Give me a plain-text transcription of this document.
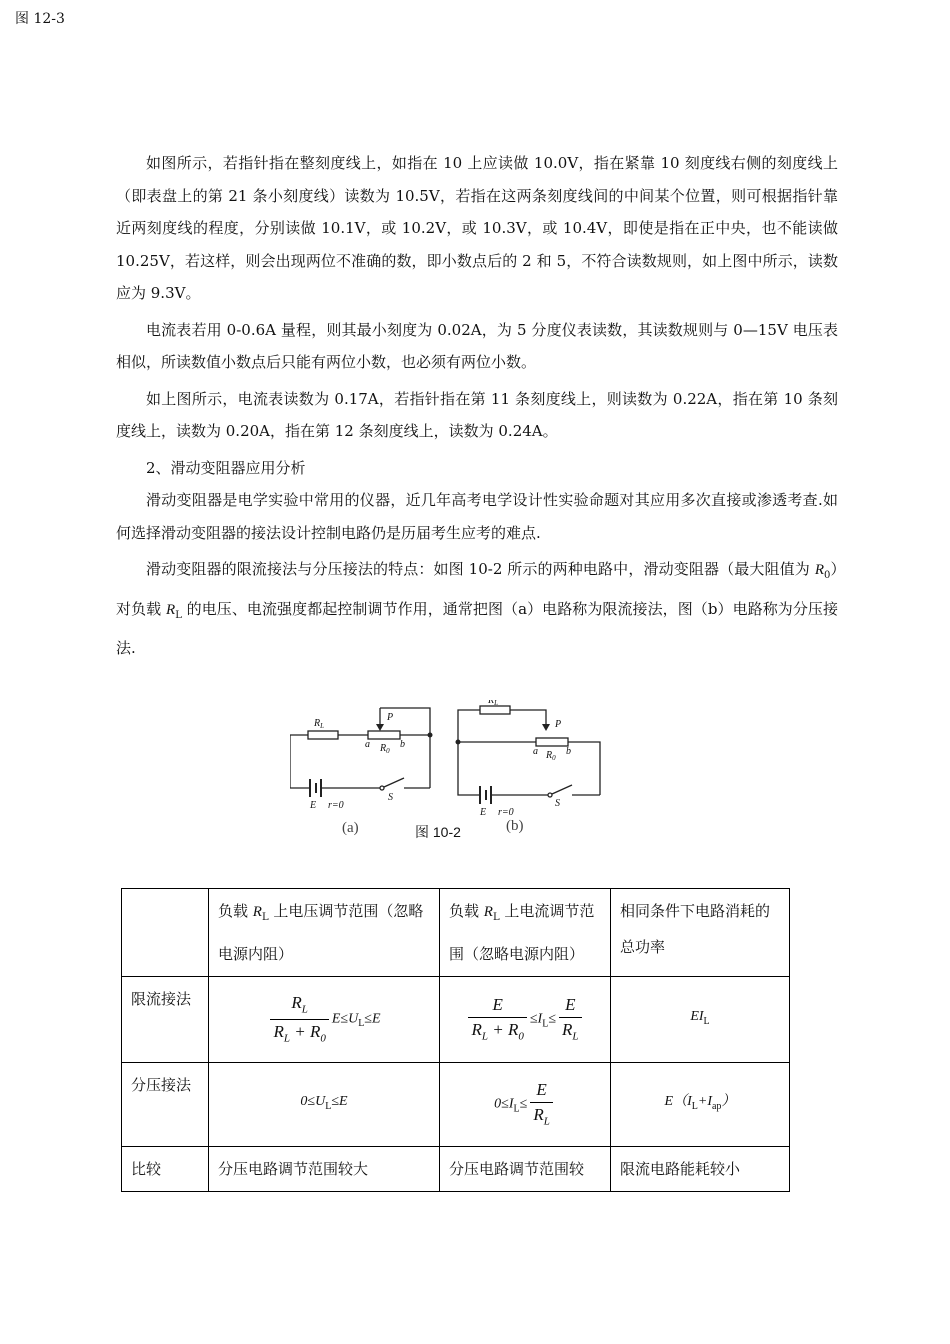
图 12-3

如图所示，若指针指在整刻度线上，如指在 10 上应读做 10.0V，指在紧靠 10 刻度线右侧的刻度线上（即表盘上的第 21 条小刻度线）读数为 10.5V，若指在这两条刻度线间的中间某个位置，则可根据指针靠近两刻度线的程度，分别读做 10.1V，或 10.2V，或 10.3V，或 10.4V，即使是指在正中央，也不能读做 10.25V，若这样，则会出现两位不准确的数，即小数点后的 2 和 5，不符合读数规则，如上图中所示，读数应为 9.3V。

电流表若用 0-0.6A 量程，则其最小刻度为 0.02A，为 5 分度仪表读数，其读数规则与 0—15V 电压表相似，所读数值小数点后只能有两位小数，也必须有两位小数。

如上图所示，电流表读数为 0.17A，若指针指在第 11 条刻度线上，则读数为 0.22A，指在第 10 条刻度线上，读数为 0.20A，指在第 12 条刻度线上，读数为 0.24A。

2、滑动变阻器应用分析

滑动变阻器是电学实验中常用的仪器，近几年高考电学设计性实验命题对其应用多次直接或渗透考查.如何选择滑动变阻器的接法设计控制电路仍是历届考生应考的难点.

滑动变阻器的限流接法与分压接法的特点：如图 10-2 所示的两种电路中，滑动变阻器（最大阻值为 $R_0$）对负载 $R_L$ 的电压、电流强度都起控制调节作用，通常把图（a）电路称为限流接法，图（b）电路称为分压接法.

$R_L$
$R_0$
P
a	b
E r=0
S
$R_L$
$R_0$
P
a	b
E r=0
S
(a)	(b)
图 10-2
	负载 $R_L$ 上电压调节范围（忽略电源内阻）	负载 $R_L$ 上电流调节范围（忽略电源内阻）	相同条件下电路消耗的总功率
限流接法	$\frac{R_L}{R_L + R_0} E\le U_L\le E$	$\frac{E}{R_L + R_0} \le I_L\le \frac{E}{R_L}$	$EI_L$
分压接法	$0\le U_L\le E$	$0\le I_L\le \frac{E}{R_L}$	$E(I_L+I_{ap})$
比较	分压电路调节范围较大	分压电路调节范围较	限流电路能耗较小
